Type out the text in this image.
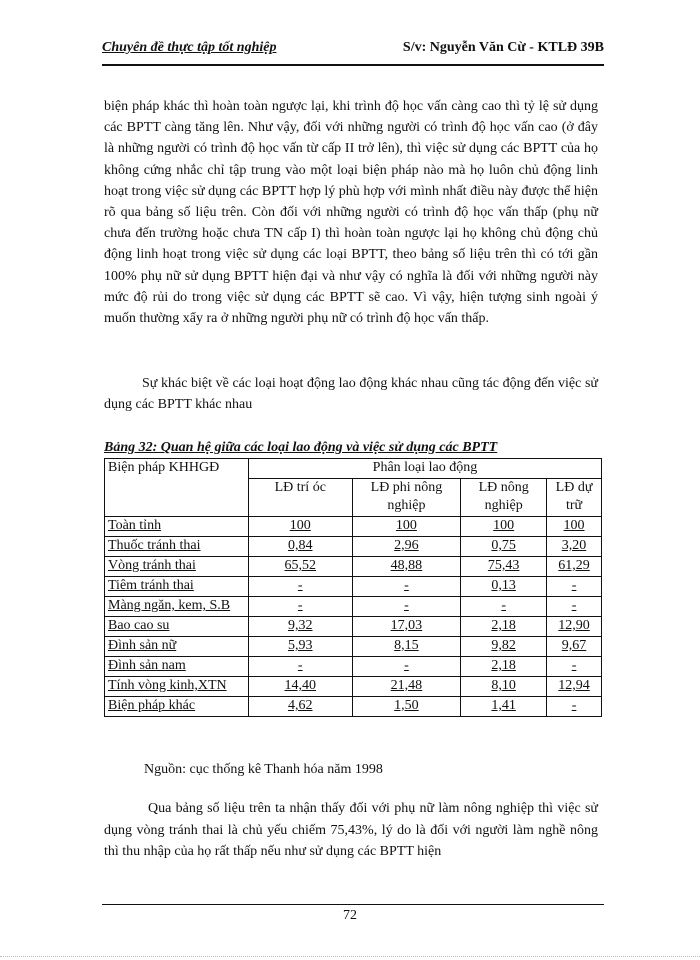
Chuyên đề thực tập tốt nghiệp	S/v: Nguyễn Văn Cừ - KTLĐ 39B

biện pháp khác thì hoàn toàn ngược lại, khi trình độ học vấn càng cao thì tỷ lệ sử dụng các BPTT càng tăng lên. Như vậy, đối với những người có trình độ học vấn cao (ở đây là những người có trình độ học vấn từ cấp II trở lên), thì việc sử dụng các BPTT của họ không cứng nhắc chỉ tập trung vào một loại biện pháp nào mà họ luôn chủ động linh hoạt trong việc sử dụng các BPTT hợp lý phù hợp với mình nhất điều này được thể hiện rõ qua bảng số liệu trên. Còn đối với những người có trình độ học vấn thấp (phụ nữ chưa đến trường hoặc chưa TN cấp I) thì hoàn toàn ngược lại họ không chủ động chủ động linh hoạt trong việc sử dụng các loại BPTT, theo bảng số liệu trên thì có tới gần 100% phụ nữ sử dụng BPTT hiện đại và như vậy có nghĩa là đối với những người này mức độ rủi do trong việc sử dụng các BPTT sẽ cao. Vì vậy, hiện tượng sinh ngoài ý muốn thường xẩy ra ở những người phụ nữ có trình độ học vấn thấp.

Sự khác biệt về các loại hoạt động lao động khác nhau cũng tác động đến việc sử dụng các BPTT khác nhau

Bảng 32: Quan hệ giữa các loại lao động và việc sử dụng các BPTT
Biện pháp KHHGĐ	Phân loại lao động			
	LĐ trí óc	LĐ phi nông nghiệp	LĐ nông nghiệp	LĐ dự trữ
Toàn tỉnh	100	100	100	100
Thuốc tránh thai	0,84	2,96	0,75	3,20
Vòng tránh thai	65,52	48,88	75,43	61,29
Tiêm tránh thai	-	-	0,13	-
Màng ngăn, kem, S.B	-	-	-	-
Bao cao su	9,32	17,03	2,18	12,90
Đình sản nữ	5,93	8,15	9,82	9,67
Đình sản nam	-	-	2,18	-
Tính vòng kinh,XTN	14,40	21,48	8,10	12,94
Biện pháp khác	4,62	1,50	1,41	-
Nguồn: cục thống kê Thanh hóa năm 1998

Qua bảng số liệu trên ta nhận thấy đối với phụ nữ làm nông nghiệp thì việc sử dụng vòng tránh thai là chủ yếu chiếm 75,43%, lý do là đối với người làm nghề nông thì thu nhập của họ rất thấp nếu như sử dụng các BPTT hiện

72
